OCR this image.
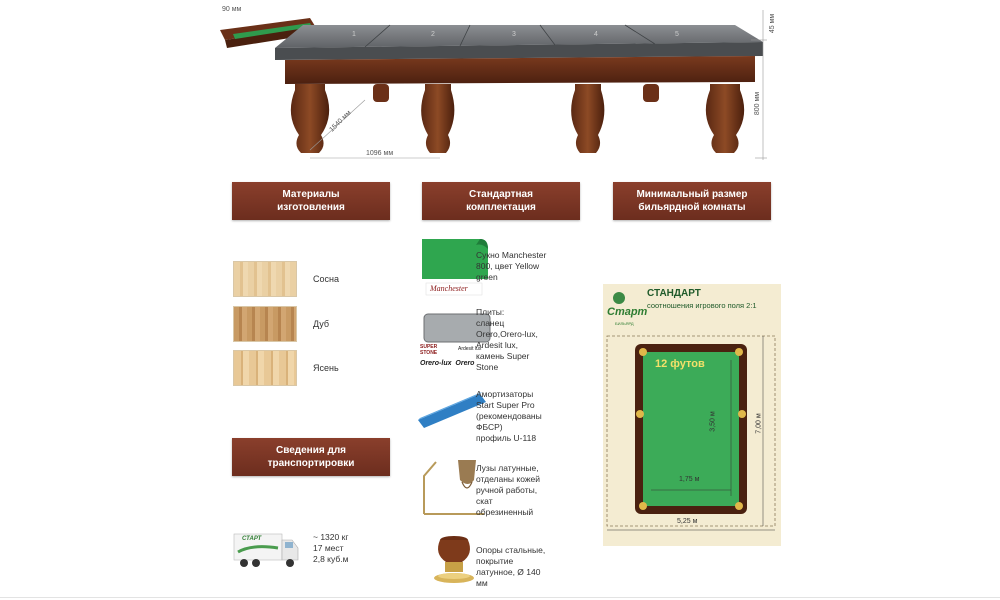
90 мм
45 мм
800 мм
1540 мм
1096 мм
1	2	3	4	5
Материалы
изготовления
Стандартная
комплектация
Минимальный размер
бильярдной комнаты
Сведения для
транспортировки
Сосна
Дуб
Ясень
СТАРТ	~ 1320 кг
17 мест
2,8 куб.м
Manchester
Сукно Manchester
800, цвет Yellow
green
SUPER STONE
Ardesit lux
Orero-lux  Orero
Плиты:
сланец
Orero,Orero-lux,
Ardesit lux,
камень Super
Stone
START
Амортизаторы
Start Super Pro
(рекомендованы
ФБСР)
профиль U-118
Лузы латунные,
отделаны кожей
ручной работы,
скат
обрезиненный
Опоры стальные,
покрытие
латунное, Ø 140
мм
Старт
БИЛЬЯРД
СТАНДАРТ
соотношения игрового поля 2:1
12 футов
3,50 м
1,75 м
5,25 м
7,00 м
